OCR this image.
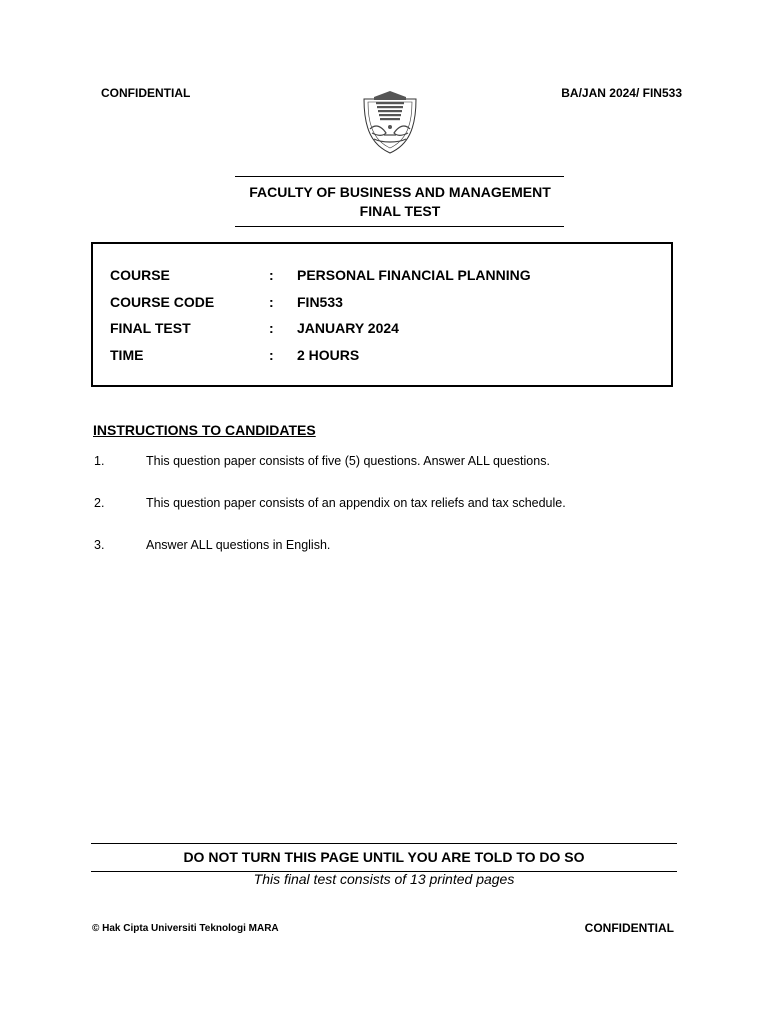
CONFIDENTIAL	BA/JAN 2024/ FIN533
FACULTY OF BUSINESS AND MANAGEMENT
FINAL TEST
COURSE	: PERSONAL FINANCIAL PLANNING
COURSE CODE	: FIN533
FINAL TEST	: JANUARY 2024
TIME	: 2 HOURS
INSTRUCTIONS TO CANDIDATES
1.	This question paper consists of five (5) questions. Answer ALL questions.
2.	This question paper consists of an appendix on tax reliefs and tax schedule.
3.	Answer ALL questions in English.
DO NOT TURN THIS PAGE UNTIL YOU ARE TOLD TO DO SO
This final test consists of 13 printed pages
© Hak Cipta Universiti Teknologi MARA	CONFIDENTIAL
